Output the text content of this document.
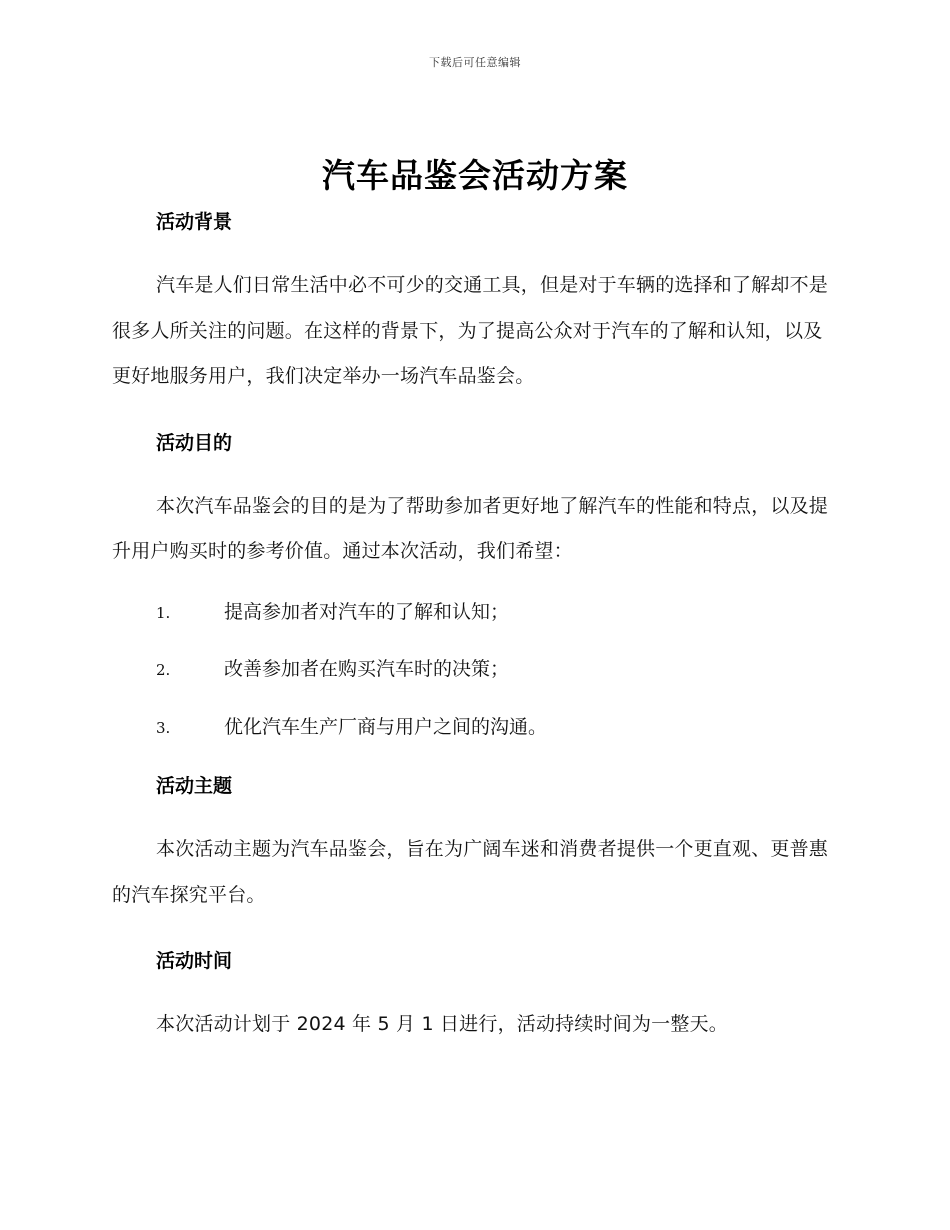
下载后可任意编辑
汽车品鉴会活动方案
活动背景
汽车是人们日常生活中必不可少的交通工具，但是对于车辆的选择和了解却不是很多人所关注的问题。在这样的背景下，为了提高公众对于汽车的了解和认知，以及更好地服务用户，我们决定举办一场汽车品鉴会。
活动目的
本次汽车品鉴会的目的是为了帮助参加者更好地了解汽车的性能和特点，以及提升用户购买时的参考价值。通过本次活动，我们希望：
1.	提高参加者对汽车的了解和认知；
2.	改善参加者在购买汽车时的决策；
3.	优化汽车生产厂商与用户之间的沟通。
活动主题
本次活动主题为汽车品鉴会，旨在为广阔车迷和消费者提供一个更直观、更普惠的汽车探究平台。
活动时间
本次活动计划于 2024 年 5 月 1 日进行，活动持续时间为一整天。
